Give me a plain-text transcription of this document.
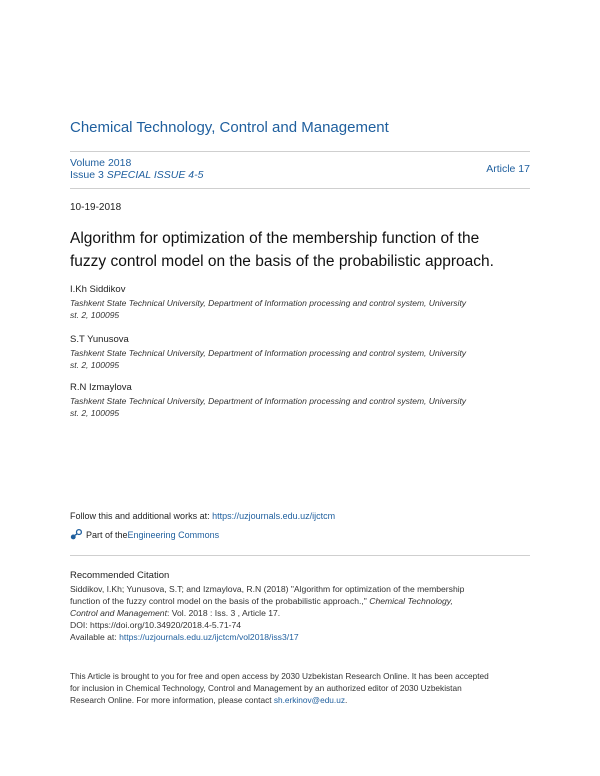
Chemical Technology, Control and Management
Volume 2018
Issue 3 SPECIAL ISSUE 4-5	Article 17
10-19-2018
Algorithm for optimization of the membership function of the
fuzzy control model on the basis of the probabilistic approach.
I.Kh Siddikov
Tashkent State Technical University, Department of Information processing and control system, University
st. 2, 100095
S.T Yunusova
Tashkent State Technical University, Department of Information processing and control system, University
st. 2, 100095
R.N Izmaylova
Tashkent State Technical University, Department of Information processing and control system, University
st. 2, 100095
Follow this and additional works at: https://uzjournals.edu.uz/ijctcm
Part of the Engineering Commons
Recommended Citation
Siddikov, I.Kh; Yunusova, S.T; and Izmaylova, R.N (2018) "Algorithm for optimization of the membership
function of the fuzzy control model on the basis of the probabilistic approach.," Chemical Technology,
Control and Management: Vol. 2018 : Iss. 3 , Article 17.
DOI: https://doi.org/10.34920/2018.4-5.71-74
Available at: https://uzjournals.edu.uz/ijctcm/vol2018/iss3/17
This Article is brought to you for free and open access by 2030 Uzbekistan Research Online. It has been accepted
for inclusion in Chemical Technology, Control and Management by an authorized editor of 2030 Uzbekistan
Research Online. For more information, please contact sh.erkinov@edu.uz.
